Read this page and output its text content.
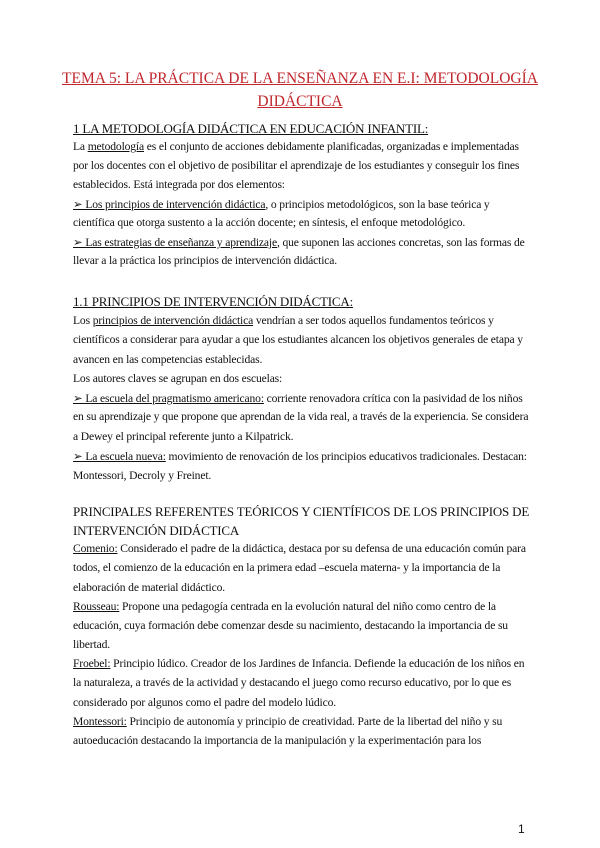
TEMA 5: LA PRÁCTICA DE LA ENSEÑANZA EN E.I: METODOLOGÍA
DIDÁCTICA
1 LA METODOLOGÍA DIDÁCTICA EN EDUCACIÓN INFANTIL:
La metodología es el conjunto de acciones debidamente planificadas, organizadas e implementadas
por los docentes con el objetivo de posibilitar el aprendizaje de los estudiantes y conseguir los fines
establecidos. Está integrada por dos elementos:
➢ Los principios de intervención didáctica, o principios metodológicos, son la base teórica y
científica que otorga sustento a la acción docente; en síntesis, el enfoque metodológico.
➢ Las estrategias de enseñanza y aprendizaje, que suponen las acciones concretas, son las formas de
llevar a la práctica los principios de intervención didáctica.
1.1 PRINCIPIOS DE INTERVENCIÓN DIDÁCTICA:
Los principios de intervención didáctica vendrían a ser todos aquellos fundamentos teóricos y
científicos a considerar para ayudar a que los estudiantes alcancen los objetivos generales de etapa y
avancen en las competencias establecidas.
Los autores claves se agrupan en dos escuelas:
➢ La escuela del pragmatismo americano: corriente renovadora crítica con la pasividad de los niños
en su aprendizaje y que propone que aprendan de la vida real, a través de la experiencia. Se considera
a Dewey el principal referente junto a Kilpatrick.
➢ La escuela nueva: movimiento de renovación de los principios educativos tradicionales. Destacan:
Montessori, Decroly y Freinet.
PRINCIPALES REFERENTES TEÓRICOS Y CIENTÍFICOS DE LOS PRINCIPIOS DE
INTERVENCIÓN DIDÁCTICA
Comenio: Considerado el padre de la didáctica, destaca por su defensa de una educación común para
todos, el comienzo de la educación en la primera edad –escuela materna- y la importancia de la
elaboración de material didáctico.
Rousseau: Propone una pedagogía centrada en la evolución natural del niño como centro de la
educación, cuya formación debe comenzar desde su nacimiento, destacando la importancia de su
libertad.
Froebel: Principio lúdico. Creador de los Jardines de Infancia. Defiende la educación de los niños en
la naturaleza, a través de la actividad y destacando el juego como recurso educativo, por lo que es
considerado por algunos como el padre del modelo lúdico.
Montessori: Principio de autonomía y principio de creatividad. Parte de la libertad del niño y su
autoeducación destacando la importancia de la manipulación y la experimentación para los
1
